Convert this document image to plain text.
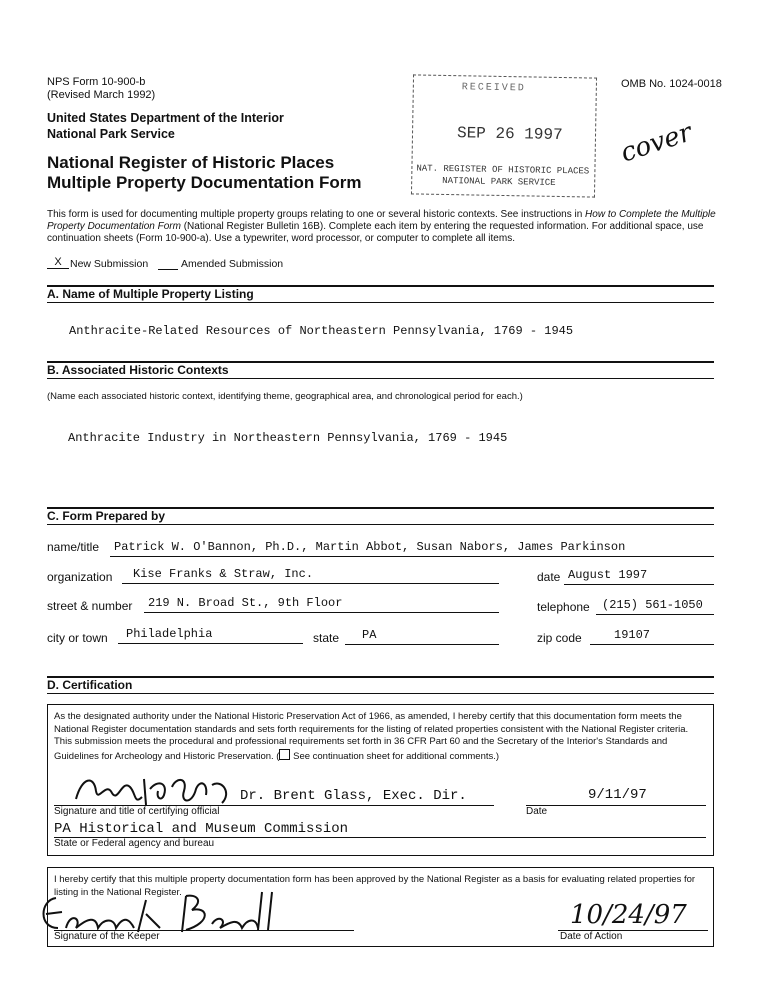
NPS Form 10-900-b
(Revised March 1992)
OMB No. 1024-0018
United States Department of the Interior
National Park Service
National Register of Historic Places
Multiple Property Documentation Form
RECEIVED
SEP 26 1997
NAT. REGISTER OF HISTORIC PLACES
NATIONAL PARK SERVICE
cover
This form is used for documenting multiple property groups relating to one or several historic contexts. See instructions in How to Complete the Multiple Property Documentation Form (National Register Bulletin 16B). Complete each item by entering the requested information. For additional space, use continuation sheets (Form 10-900-a). Use a typewriter, word processor, or computer to complete all items.
X New Submission	Amended Submission
A. Name of Multiple Property Listing
Anthracite-Related Resources of Northeastern Pennsylvania, 1769 - 1945
B. Associated Historic Contexts
(Name each associated historic context, identifying theme, geographical area, and chronological period for each.)
Anthracite Industry in Northeastern Pennsylvania, 1769 - 1945
C. Form Prepared by
name/title Patrick W. O'Bannon, Ph.D., Martin Abbot, Susan Nabors, James Parkinson
organization Kise Franks & Straw, Inc.	date August 1997
street & number 219 N. Broad St., 9th Floor	telephone (215) 561-1050
city or town Philadelphia	state PA	zip code	19107
D. Certification
As the designated authority under the National Historic Preservation Act of 1966, as amended, I hereby certify that this documentation form meets the National Register documentation standards and sets forth requirements for the listing of related properties consistent with the National Register criteria. This submission meets the procedural and professional requirements set forth in 36 CFR Part 60 and the Secretary of the Interior's Standards and Guidelines for Archeology and Historic Preservation. ( See continuation sheet for additional comments.)
Dr. Brent Glass, Exec. Dir.	9/11/97
Signature and title of certifying official	Date
PA Historical and Museum Commission
State or Federal agency and bureau
I hereby certify that this multiple property documentation form has been approved by the National Register as a basis for evaluating related properties for listing in the National Register.
10/24/97
Signature of the Keeper	Date of Action
